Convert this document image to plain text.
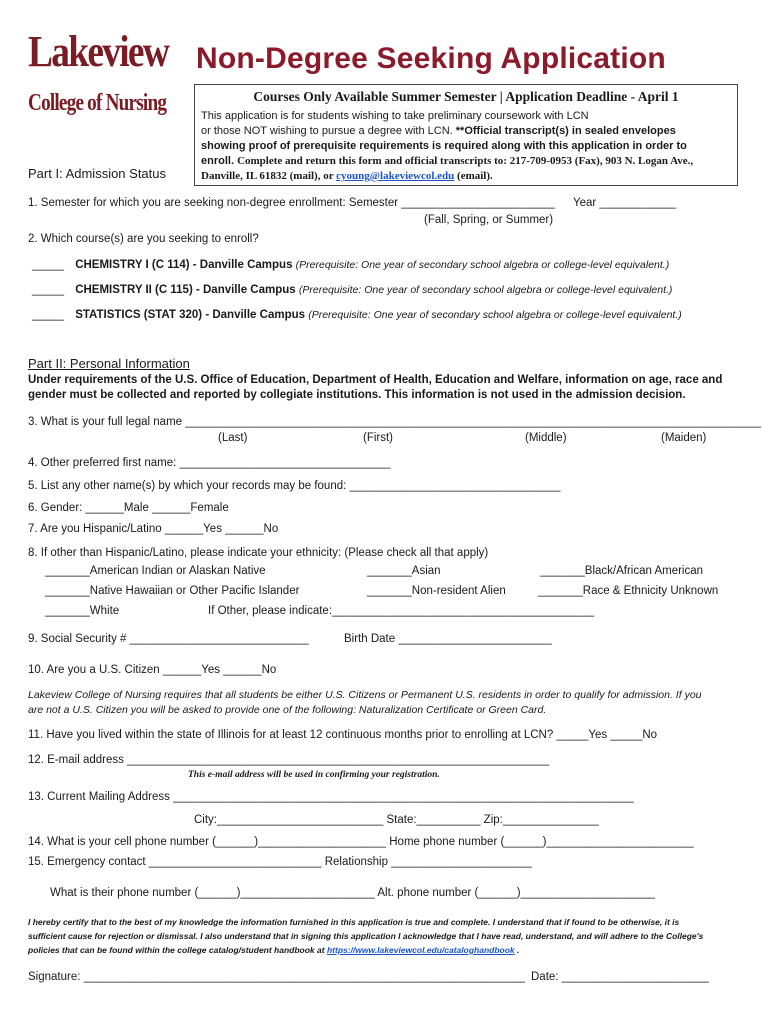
Lakeview
College of Nursing
Non-Degree Seeking Application
Courses Only Available Summer Semester | Application Deadline - April 1
This application is for students wishing to take preliminary coursework with LCN
or those NOT wishing to pursue a degree with LCN. **Official transcript(s) in sealed envelopes
showing proof of prerequisite requirements is required along with this application in order to
enroll. Complete and return this form and official transcripts to: 217-709-0953 (Fax), 903 N. Logan Ave.,
Danville, IL 61832 (mail), or cyoung@lakeviewcol.edu (email).
Part I: Admission Status
1. Semester for which you are seeking non-degree enrollment: Semester ________________________ Year ____________
(Fall, Spring, or Summer)
2. Which course(s) are you seeking to enroll?
_____ CHEMISTRY I (C 114) - Danville Campus (Prerequisite: One year of secondary school algebra or college-level equivalent.)
_____ CHEMISTRY II (C 115) - Danville Campus (Prerequisite: One year of secondary school algebra or college-level equivalent.)
_____ STATISTICS (STAT 320) - Danville Campus (Prerequisite: One year of secondary school algebra or college-level equivalent.)
Part II: Personal Information
Under requirements of the U.S. Office of Education, Department of Health, Education and Welfare, information on age, race and
gender must be collected and reported by collegiate institutions. This information is not used in the admission decision.
3. What is your full legal name __________________________________________________________________________________________
(Last)	(First)	(Middle)	(Maiden)
4. Other preferred first name: _________________________________
5. List any other name(s) by which your records may be found: _________________________________
6. Gender: ______Male ______Female
7. Are you Hispanic/Latino ______Yes ______No
8. If other than Hispanic/Latino, please indicate your ethnicity: (Please check all that apply)
_______American Indian or Alaskan Native	_______Asian	_______Black/African American
_______Native Hawaiian or Other Pacific Islander	_______Non-resident Alien	_______Race & Ethnicity Unknown
_______White	If Other, please indicate:_________________________________________
9. Social Security # ____________________________	Birth Date ________________________
10. Are you a U.S. Citizen ______Yes ______No
Lakeview College of Nursing requires that all students be either U.S. Citizens or Permanent U.S. residents in order to qualify for admission. If you
are not a U.S. Citizen you will be asked to provide one of the following: Naturalization Certificate or Green Card.
11. Have you lived within the state of Illinois for at least 12 continuous months prior to enrolling at LCN? _____Yes _____No
12. E-mail address __________________________________________________________________
This e-mail address will be used in confirming your registration.
13. Current Mailing Address ________________________________________________________________________
City:__________________________ State:__________ Zip:_______________
14. What is your cell phone number (______)____________________ Home phone number (______)_______________________
15. Emergency contact ___________________________ Relationship ______________________
What is their phone number (______)_____________________ Alt. phone number (______)_____________________
I hereby certify that to the best of my knowledge the information furnished in this application is true and complete. I understand that if found to be otherwise, it is
sufficient cause for rejection or dismissal. I also understand that in signing this application I acknowledge that I have read, understand, and will adhere to the College's
policies that can be found within the college catalog/student handbook at https://www.lakeviewcol.edu/cataloghandbook .
Signature: _____________________________________________________________________ Date: _______________________
